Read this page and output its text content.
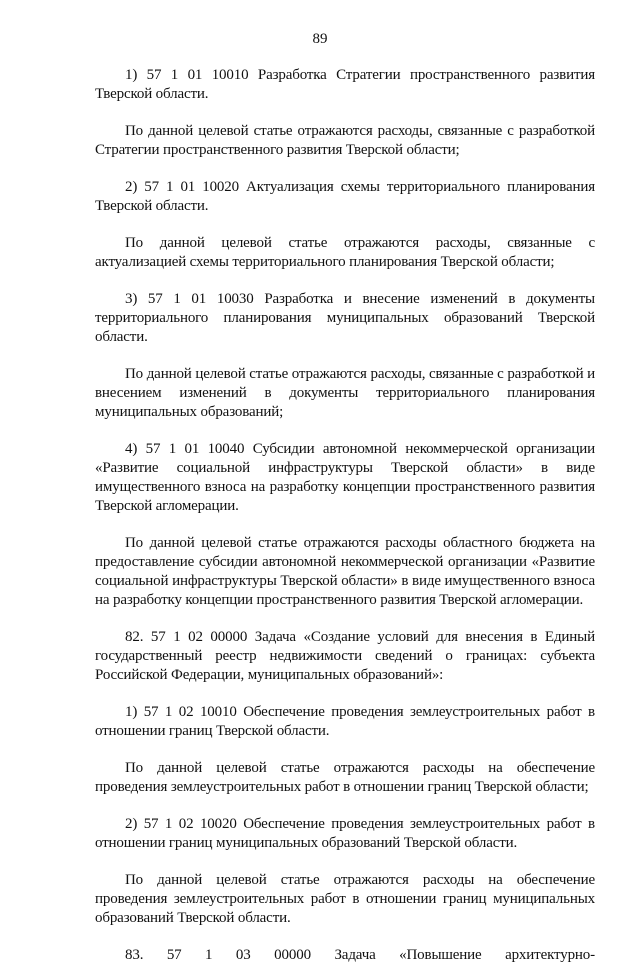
89

1) 57 1 01 10010 Разработка Стратегии пространственного развития Тверской области.

По данной целевой статье отражаются расходы, связанные с разработкой Стратегии пространственного развития Тверской области;

2) 57 1 01 10020 Актуализация схемы территориального планирования Тверской области.

По данной целевой статье отражаются расходы, связанные с актуализацией схемы территориального планирования Тверской области;

3) 57 1 01 10030 Разработка и внесение изменений в документы территориального планирования муниципальных образований Тверской области.

По данной целевой статье отражаются расходы, связанные с разработкой и внесением изменений в документы территориального планирования муниципальных образований;

4) 57 1 01 10040 Субсидии автономной некоммерческой организации «Развитие социальной инфраструктуры Тверской области» в виде имущественного взноса на разработку концепции пространственного развития Тверской агломерации.

По данной целевой статье отражаются расходы областного бюджета на предоставление субсидии автономной некоммерческой организации «Развитие социальной инфраструктуры Тверской области» в виде имущественного взноса на разработку концепции пространственного развития Тверской агломерации.

82. 57 1 02 00000 Задача «Создание условий для внесения в Единый государственный реестр недвижимости сведений о границах: субъекта Российской Федерации, муниципальных образований»:

1) 57 1 02 10010 Обеспечение проведения землеустроительных работ в отношении границ Тверской области.

По данной целевой статье отражаются расходы на обеспечение проведения землеустроительных работ в отношении границ Тверской области;

2) 57 1 02 10020 Обеспечение проведения землеустроительных работ в отношении границ муниципальных образований Тверской области.

По данной целевой статье отражаются расходы на обеспечение проведения землеустроительных работ в отношении границ муниципальных образований Тверской области.

83. 57 1 03 00000 Задача «Повышение архитектурно-
